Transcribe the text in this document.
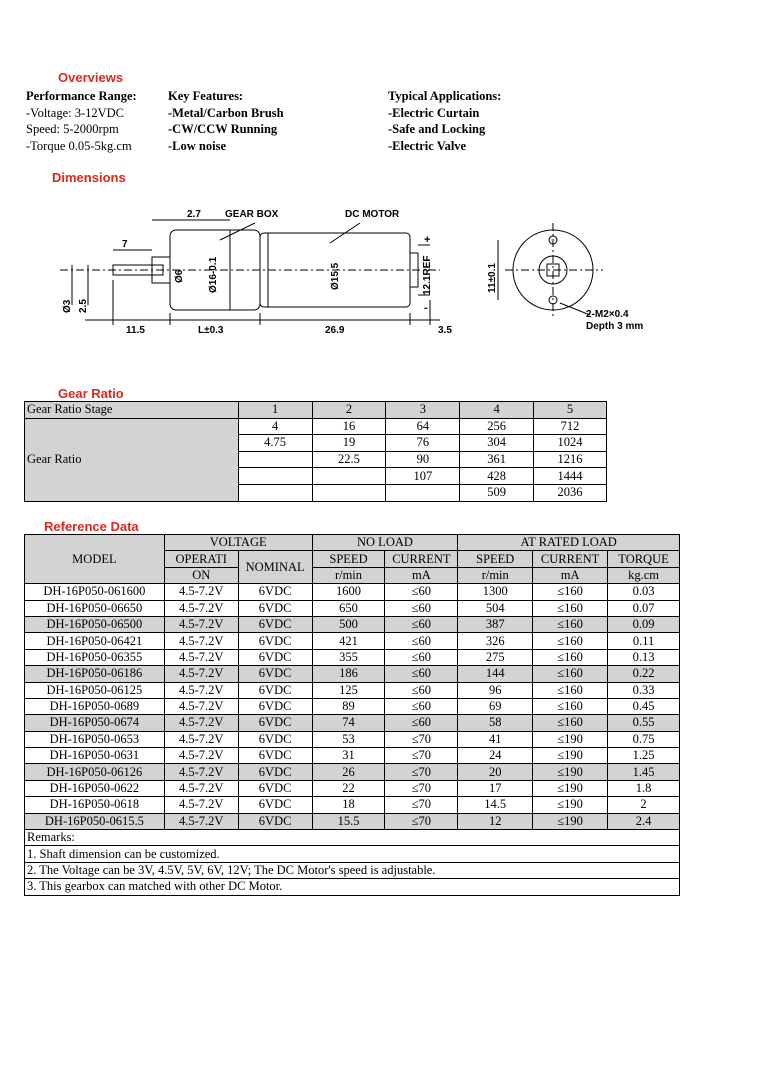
Overviews
Performance Range:
-Voltage: 3-12VDC
Speed: 5-2000rpm
-Torque 0.05-5kg.cm
Key Features:
-Metal/Carbon Brush
-CW/CCW Running
-Low noise
Typical Applications:
-Electric Curtain
-Safe and Locking
-Electric Valve
Dimensions
2.7 GEAR BOX	DC MOTOR
7
Ø3 2.5
Ø6 Ø16-0.1	Ø15.5	12.1REF
+
-
11.5	L±0.3	26.9	3.5
11±0.1
2-M2×0.4
Depth 3 mm
Gear Ratio
Gear Ratio Stage	1	2	3	4	5
Gear Ratio	4	16	64	256	712
	4.75	19	76	304	1024
		22.5	90	361	1216
			107	428	1444
				509	2036
Reference Data
MODEL	VOLTAGE		NO LOAD		AT RATED LOAD		
	OPERATI	NOMINAL	SPEED	CURRENT	SPEED	CURRENT	TORQUE
	ON		r/min	mA	r/min	mA	kg.cm
DH-16P050-061600	4.5-7.2V	6VDC	1600	≤60	1300	≤160	0.03
DH-16P050-06650	4.5-7.2V	6VDC	650	≤60	504	≤160	0.07
DH-16P050-06500	4.5-7.2V	6VDC	500	≤60	387	≤160	0.09
DH-16P050-06421	4.5-7.2V	6VDC	421	≤60	326	≤160	0.11
DH-16P050-06355	4.5-7.2V	6VDC	355	≤60	275	≤160	0.13
DH-16P050-06186	4.5-7.2V	6VDC	186	≤60	144	≤160	0.22
DH-16P050-06125	4.5-7.2V	6VDC	125	≤60	96	≤160	0.33
DH-16P050-0689	4.5-7.2V	6VDC	89	≤60	69	≤160	0.45
DH-16P050-0674	4.5-7.2V	6VDC	74	≤60	58	≤160	0.55
DH-16P050-0653	4.5-7.2V	6VDC	53	≤70	41	≤190	0.75
DH-16P050-0631	4.5-7.2V	6VDC	31	≤70	24	≤190	1.25
DH-16P050-06126	4.5-7.2V	6VDC	26	≤70	20	≤190	1.45
DH-16P050-0622	4.5-7.2V	6VDC	22	≤70	17	≤190	1.8
DH-16P050-0618	4.5-7.2V	6VDC	18	≤70	14.5	≤190	2
DH-16P050-0615.5	4.5-7.2V	6VDC	15.5	≤70	12	≤190	2.4
Remarks:							
1. Shaft dimension can be customized.							
2. The Voltage can be 3V, 4.5V, 5V, 6V, 12V; The DC Motor's speed is adjustable.							
3. This gearbox can matched with other DC Motor.							
